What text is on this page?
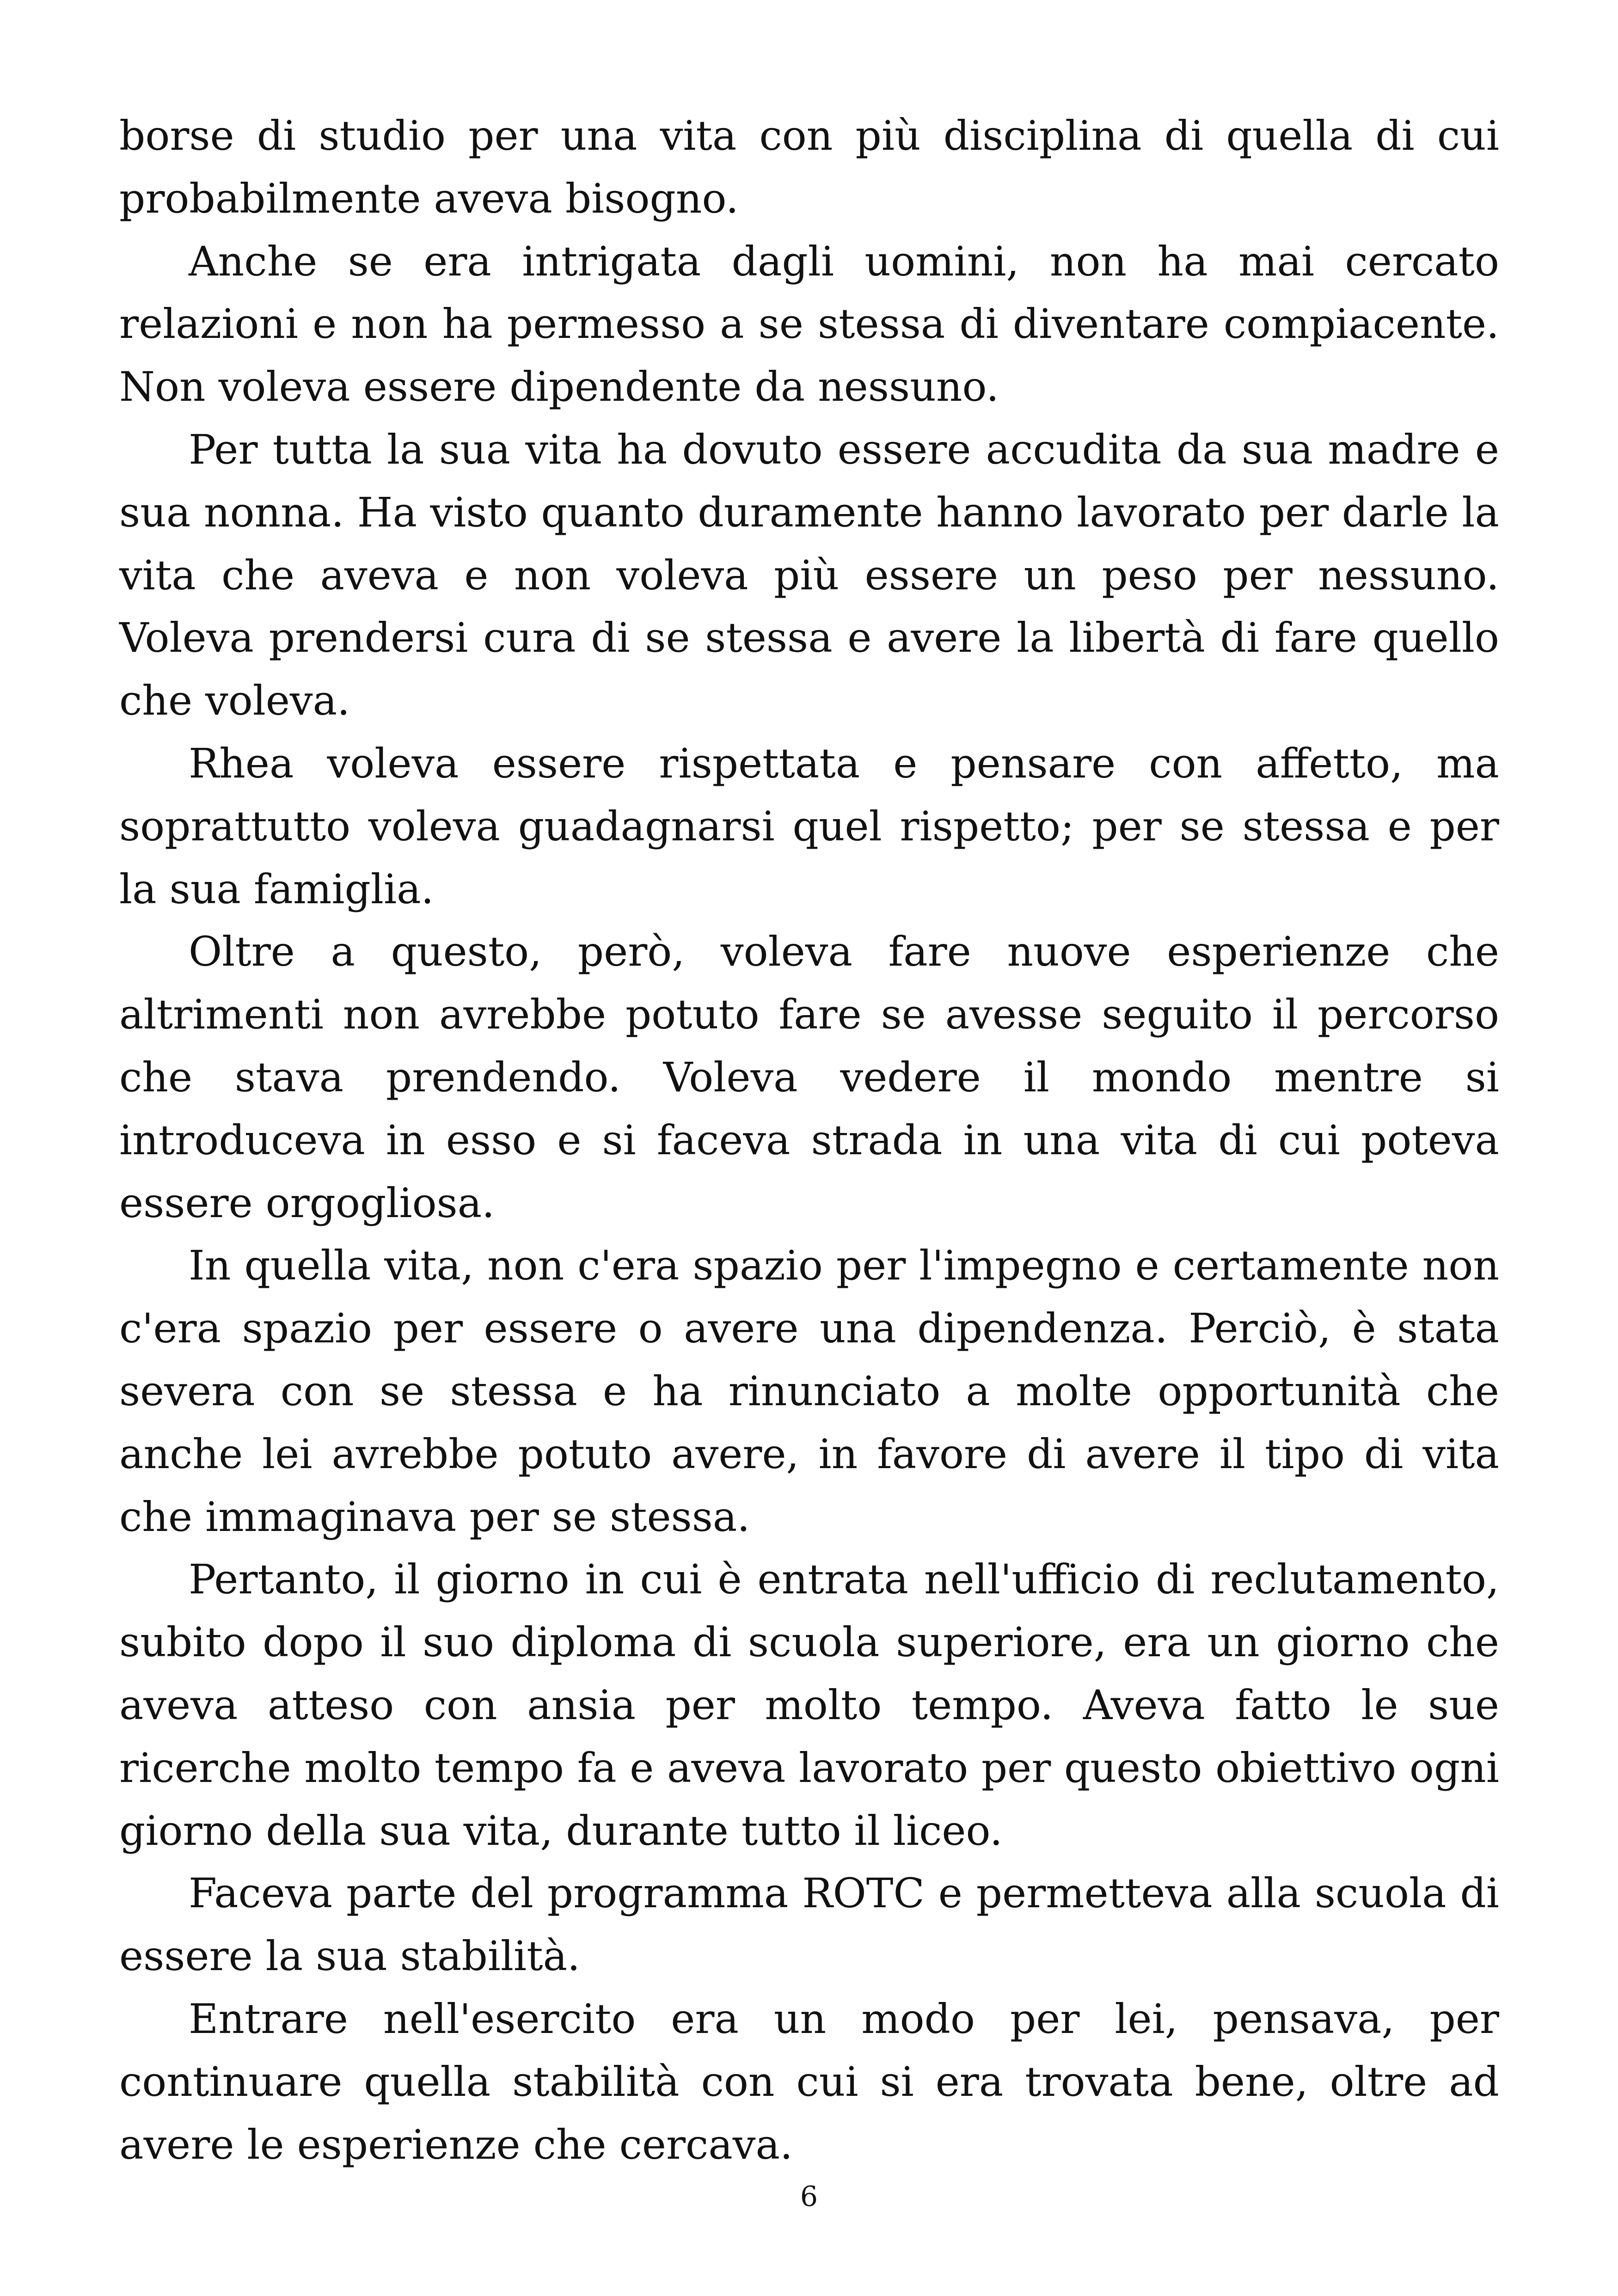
borse di studio per una vita con più disciplina di quella di cui probabilmente aveva bisogno.

Anche se era intrigata dagli uomini, non ha mai cercato relazioni e non ha permesso a se stessa di diventare compiacente. Non voleva essere dipendente da nessuno.

Per tutta la sua vita ha dovuto essere accudita da sua madre e sua nonna. Ha visto quanto duramente hanno lavorato per darle la vita che aveva e non voleva più essere un peso per nessuno. Voleva prendersi cura di se stessa e avere la libertà di fare quello che voleva.

Rhea voleva essere rispettata e pensare con affetto, ma soprattutto voleva guadagnarsi quel rispetto; per se stessa e per la sua famiglia.

Oltre a questo, però, voleva fare nuove esperienze che altrimenti non avrebbe potuto fare se avesse seguito il percorso che stava prendendo. Voleva vedere il mondo mentre si introduceva in esso e si faceva strada in una vita di cui poteva essere orgogliosa.

In quella vita, non c'era spazio per l'impegno e certamente non c'era spazio per essere o avere una dipendenza. Perciò, è stata severa con se stessa e ha rinunciato a molte opportunità che anche lei avrebbe potuto avere, in favore di avere il tipo di vita che immaginava per se stessa.

Pertanto, il giorno in cui è entrata nell'ufficio di reclutamento, subito dopo il suo diploma di scuola superiore, era un giorno che aveva atteso con ansia per molto tempo. Aveva fatto le sue ricerche molto tempo fa e aveva lavorato per questo obiettivo ogni giorno della sua vita, durante tutto il liceo.

Faceva parte del programma ROTC e permetteva alla scuola di essere la sua stabilità.

Entrare nell'esercito era un modo per lei, pensava, per continuare quella stabilità con cui si era trovata bene, oltre ad avere le esperienze che cercava.

6
